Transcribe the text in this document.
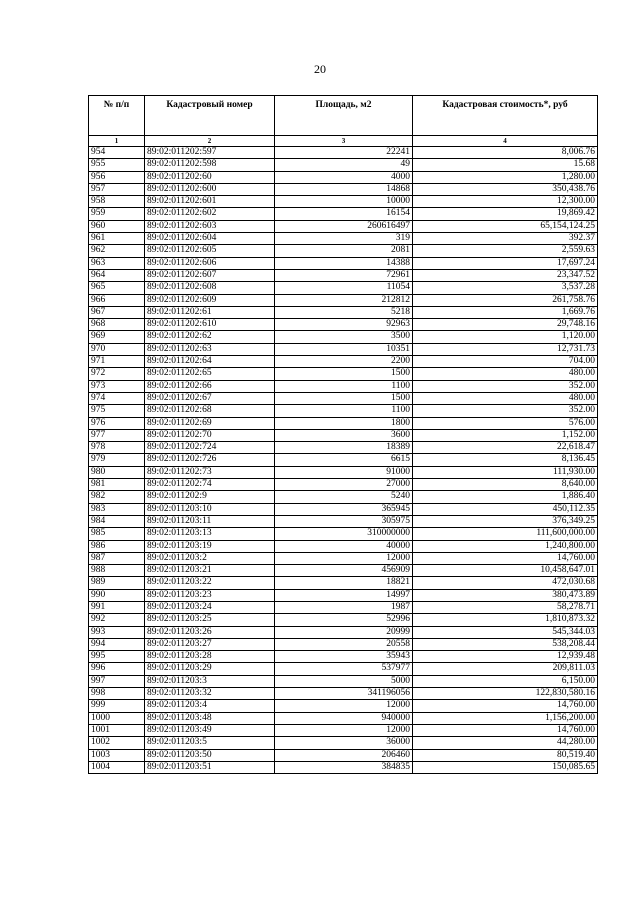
20
№ п/п	Кадастровый номер	Площадь, м2	Кадастровая стоимость*, руб
1	2	3	4
954	89:02:011202:597	22241	8,006.76
955	89:02:011202:598	49	15.68
956	89:02:011202:60	4000	1,280.00
957	89:02:011202:600	14868	350,438.76
958	89:02:011202:601	10000	12,300.00
959	89:02:011202:602	16154	19,869.42
960	89:02:011202:603	260616497	65,154,124.25
961	89:02:011202:604	319	392.37
962	89:02:011202:605	2081	2,559.63
963	89:02:011202:606	14388	17,697.24
964	89:02:011202:607	72961	23,347.52
965	89:02:011202:608	11054	3,537.28
966	89:02:011202:609	212812	261,758.76
967	89:02:011202:61	5218	1,669.76
968	89:02:011202:610	92963	29,748.16
969	89:02:011202:62	3500	1,120.00
970	89:02:011202:63	10351	12,731.73
971	89:02:011202:64	2200	704.00
972	89:02:011202:65	1500	480.00
973	89:02:011202:66	1100	352.00
974	89:02:011202:67	1500	480.00
975	89:02:011202:68	1100	352.00
976	89:02:011202:69	1800	576.00
977	89:02:011202:70	3600	1,152.00
978	89:02:011202:724	18389	22,618.47
979	89:02:011202:726	6615	8,136.45
980	89:02:011202:73	91000	111,930.00
981	89:02:011202:74	27000	8,640.00
982	89:02:011202:9	5240	1,886.40
983	89:02:011203:10	365945	450,112.35
984	89:02:011203:11	305975	376,349.25
985	89:02:011203:13	310000000	111,600,000.00
986	89:02:011203:19	40000	1,240,800.00
987	89:02:011203:2	12000	14,760.00
988	89:02:011203:21	456909	10,458,647.01
989	89:02:011203:22	18821	472,030.68
990	89:02:011203:23	14997	380,473.89
991	89:02:011203:24	1987	58,278.71
992	89:02:011203:25	52996	1,810,873.32
993	89:02:011203:26	20999	545,344.03
994	89:02:011203:27	20558	538,208.44
995	89:02:011203:28	35943	12,939.48
996	89:02:011203:29	537977	209,811.03
997	89:02:011203:3	5000	6,150.00
998	89:02:011203:32	341196056	122,830,580.16
999	89:02:011203:4	12000	14,760.00
1000	89:02:011203:48	940000	1,156,200.00
1001	89:02:011203:49	12000	14,760.00
1002	89:02:011203:5	36000	44,280.00
1003	89:02:011203:50	206460	80,519.40
1004	89:02:011203:51	384835	150,085.65
